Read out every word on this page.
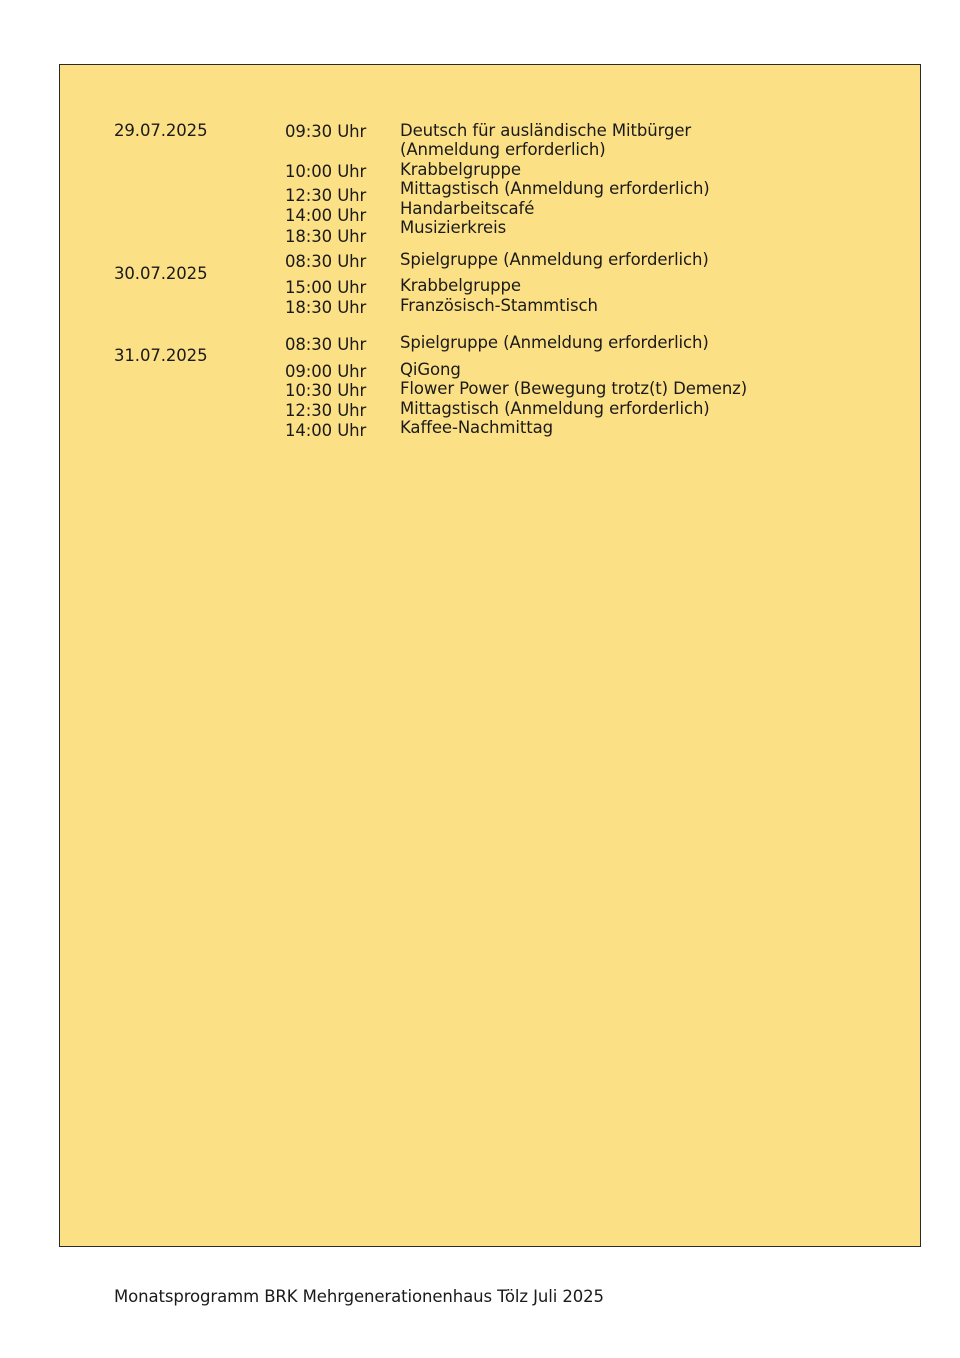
29.07.2025	09:30 Uhr Deutsch für ausländische Mitbürger
(Anmeldung erforderlich)
10:00 Uhr Krabbelgruppe
12:30 Uhr Mittagstisch (Anmeldung erforderlich)
14:00 Uhr Handarbeitscafé
18:30 Uhr Musizierkreis
30.07.2025
08:30 Uhr Spielgruppe (Anmeldung erforderlich)
15:00 Uhr Krabbelgruppe
18:30 Uhr Französisch-Stammtisch
31.07.2025
08:30 Uhr Spielgruppe (Anmeldung erforderlich)
09:00 Uhr QiGong
10:30 Uhr Flower Power (Bewegung trotz(t) Demenz)
12:30 Uhr Mittagstisch (Anmeldung erforderlich)
14:00 Uhr Kaffee-Nachmittag
Monatsprogramm BRK Mehrgenerationenhaus Tölz Juli 2025
